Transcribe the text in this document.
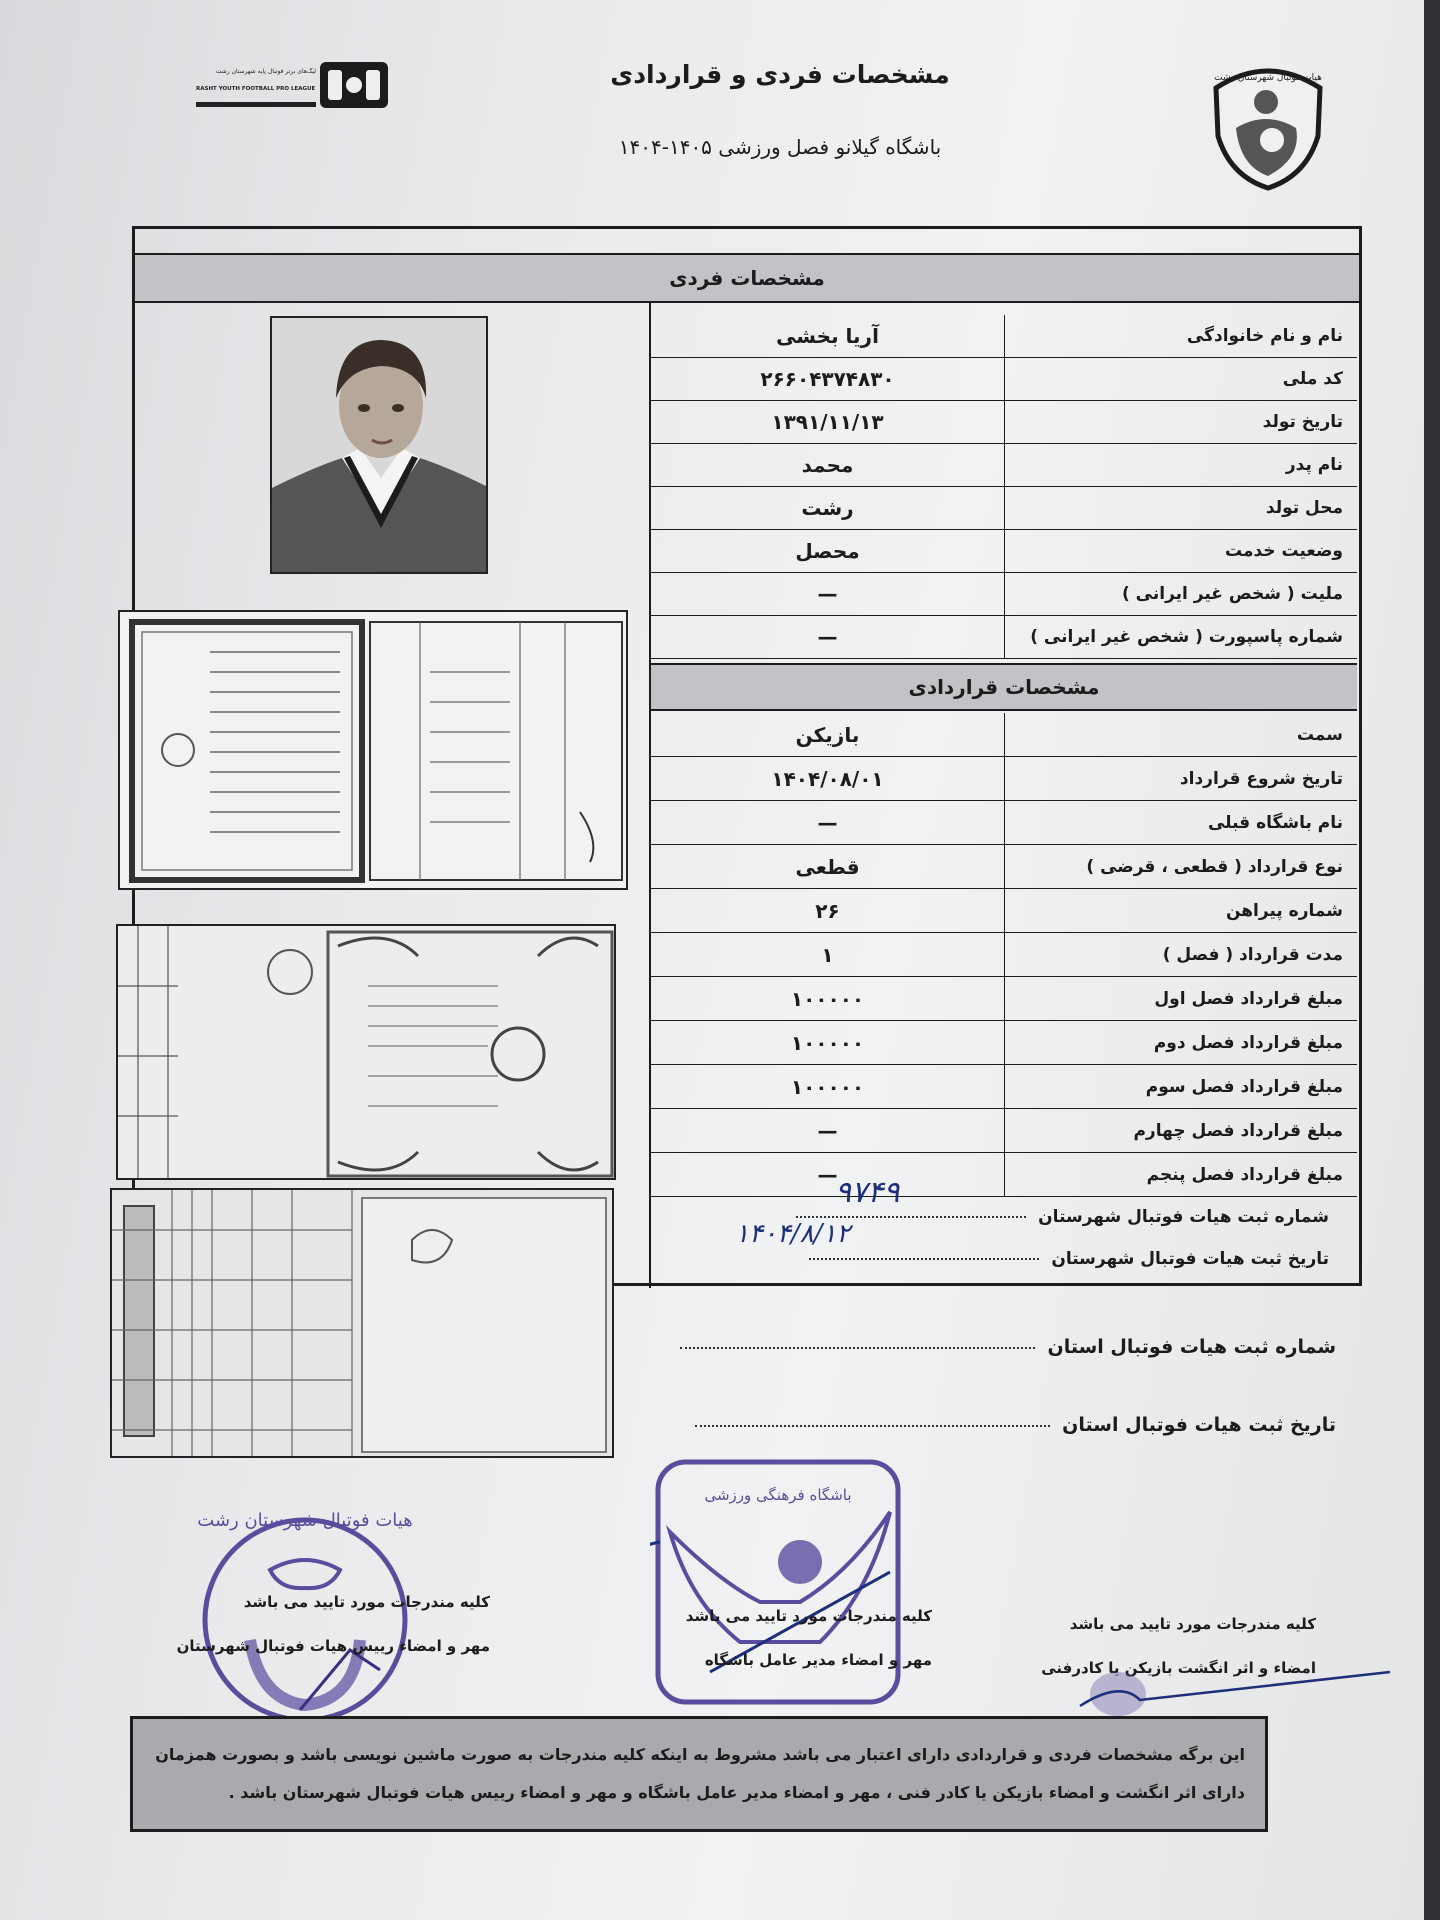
مشخصات فردی و قراردادی
باشگاه گیلانو فصل ورزشی ۱۴۰۵-۱۴۰۴
لیگ‌های برتر فوتبال پایه شهرستان رشت
RASHT YOUTH FOOTBALL PRO LEAGUE
هیات فوتبال شهرستان رشت
مشخصات فردی
نام و نام خانوادگی
آریا بخشی
کد ملی
۲۶۶۰۴۳۷۴۸۳۰
تاریخ تولد
۱۳۹۱/۱۱/۱۳
نام پدر
محمد
محل تولد
رشت
وضعیت خدمت
محصل
ملیت ( شخص غیر ایرانی )
—
شماره پاسپورت ( شخص غیر ایرانی )
—
مشخصات قراردادی
سمت
بازیکن
تاریخ شروع قرارداد
۱۴۰۴/۰۸/۰۱
نام باشگاه قبلی
—
نوع قرارداد ( قطعی ، قرضی )
قطعی
شماره پیراهن
۲۶
مدت قرارداد ( فصل )
۱
مبلغ قرارداد فصل اول
۱۰۰۰۰۰
مبلغ قرارداد فصل دوم
۱۰۰۰۰۰
مبلغ قرارداد فصل سوم
۱۰۰۰۰۰
مبلغ قرارداد فصل چهارم
—
مبلغ قرارداد فصل پنجم
—
شماره ثبت هیات فوتبال شهرستان
۹۷۴۹
تاریخ ثبت هیات فوتبال شهرستان
۱۴۰۴/۸/۱۲
شماره ثبت هیات فوتبال استان
تاریخ ثبت هیات فوتبال استان
هیات فوتبال شهرستان رشت
کلیه مندرجات مورد تایید می باشد
مهر و امضاء رییس هیات فوتبال شهرستان
باشگاه فرهنگی ورزشی
کلیه مندرجات مورد تایید می باشد
مهر و امضاء مدیر عامل باشگاه
کلیه مندرجات مورد تایید می باشد
امضاء و اثر انگشت بازیکن یا کادرفنی
این برگه مشخصات فردی و قراردادی دارای اعتبار می باشد مشروط به اینکه کلیه مندرجات به صورت ماشین نویسی باشد و بصورت همزمان
دارای اثر انگشت و امضاء بازیکن یا کادر فنی ، مهر و امضاء مدیر عامل باشگاه و مهر و امضاء رییس هیات فوتبال شهرستان باشد .
